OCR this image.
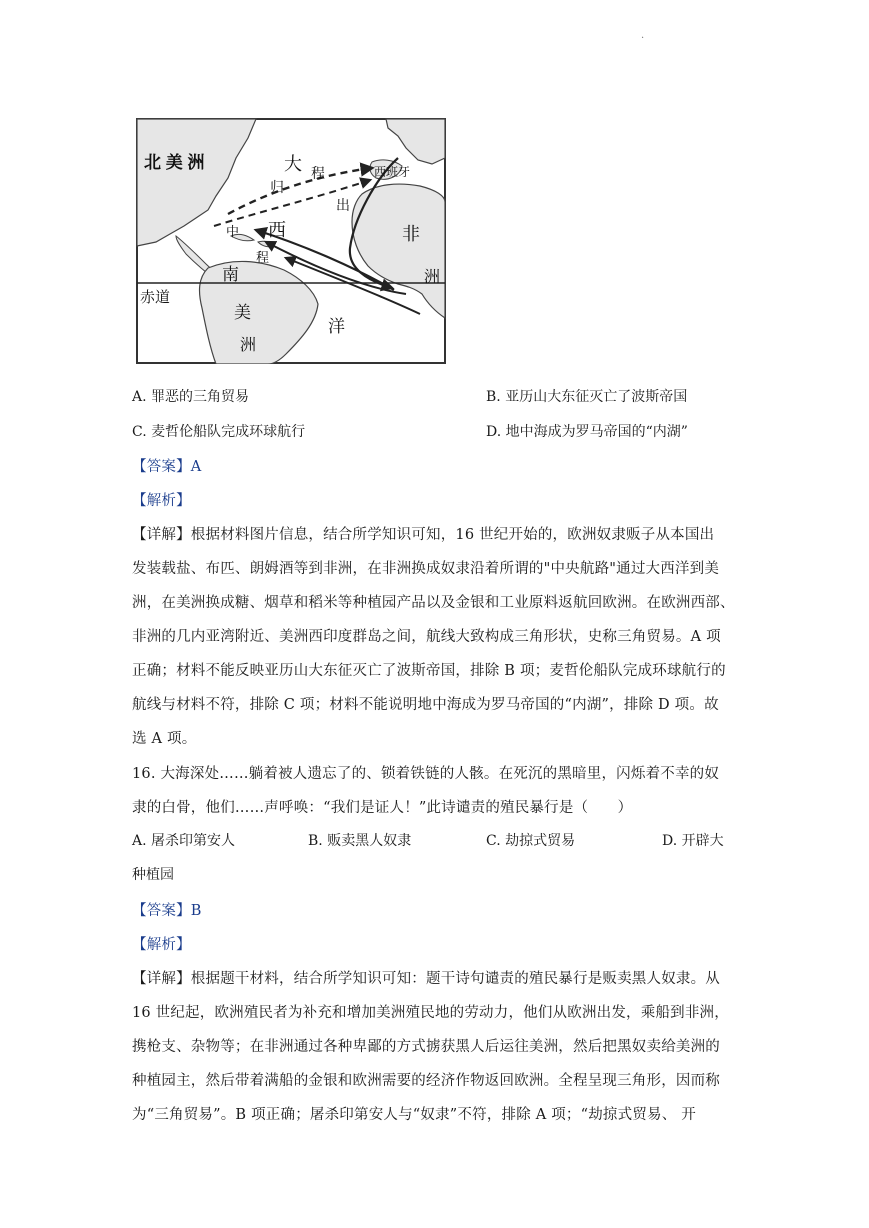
.
北 美 洲	大 程
归
出
西班牙
中 西
程
非
洲
南
赤道
美
洋
洲
A. 罪恶的三角贸易	B. 亚历山大东征灭亡了波斯帝国
C. 麦哲伦船队完成环球航行	D. 地中海成为罗马帝国的“内湖”
【答案】A
【解析】
【详解】根据材料图片信息，结合所学知识可知，16 世纪开始的，欧洲奴隶贩子从本国出
发装载盐、布匹、朗姆酒等到非洲，在非洲换成奴隶沿着所谓的"中央航路"通过大西洋到美
洲，在美洲换成糖、烟草和稻米等种植园产品以及金银和工业原料返航回欧洲。在欧洲西部、
非洲的几内亚湾附近、美洲西印度群岛之间，航线大致构成三角形状，史称三角贸易。A 项
正确；材料不能反映亚历山大东征灭亡了波斯帝国，排除 B 项；麦哲伦船队完成环球航行的
航线与材料不符，排除 C 项；材料不能说明地中海成为罗马帝国的“内湖”，排除 D 项。故
选 A 项。
16. 大海深处……躺着被人遗忘了的、锁着铁链的人骸。在死沉的黑暗里，闪烁着不幸的奴
隶的白骨，他们……声呼唤：“我们是证人！”此诗谴责的殖民暴行是（　　）
A. 屠杀印第安人	B. 贩卖黑人奴隶	C. 劫掠式贸易	D. 开辟大
种植园
【答案】B
【解析】
【详解】根据题干材料，结合所学知识可知：题干诗句谴责的殖民暴行是贩卖黑人奴隶。从
16 世纪起，欧洲殖民者为补充和增加美洲殖民地的劳动力，他们从欧洲出发，乘船到非洲，
携枪支、杂物等；在非洲通过各种卑鄙的方式掳获黑人后运往美洲，然后把黑奴卖给美洲的
种植园主，然后带着满船的金银和欧洲需要的经济作物返回欧洲。全程呈现三角形，因而称
为“三角贸易”。B 项正确；屠杀印第安人与“奴隶”不符，排除 A 项；“劫掠式贸易、 开
